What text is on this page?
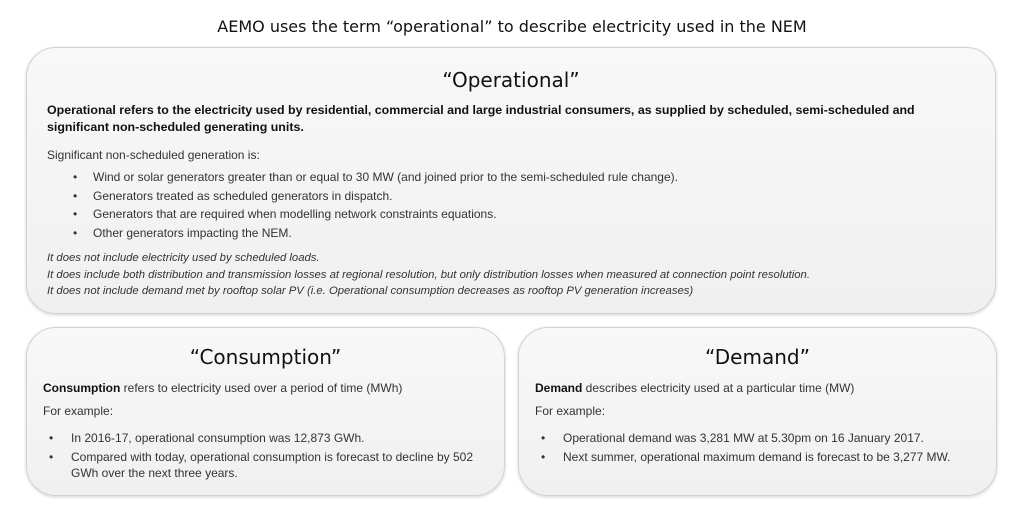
AEMO uses the term “operational” to describe electricity used in the NEM
“Operational”
Operational refers to the electricity used by residential, commercial and large industrial consumers, as supplied by scheduled, semi-scheduled and significant non-scheduled generating units.
Significant non-scheduled generation is:
• Wind or solar generators greater than or equal to 30 MW (and joined prior to the semi-scheduled rule change).
• Generators treated as scheduled generators in dispatch.
• Generators that are required when modelling network constraints equations.
• Other generators impacting the NEM.
It does not include electricity used by scheduled loads.
It does include both distribution and transmission losses at regional resolution, but only distribution losses when measured at connection point resolution.
It does not include demand met by rooftop solar PV (i.e. Operational consumption decreases as rooftop PV generation increases)
“Consumption”
Consumption refers to electricity used over a period of time (MWh)
For example:
• In 2016-17, operational consumption was 12,873 GWh.
• Compared with today, operational consumption is forecast to decline by 502 GWh over the next three years.
“Demand”
Demand describes electricity used at a particular time (MW)
For example:
• Operational demand was 3,281 MW at 5.30pm on 16 January 2017.
• Next summer, operational maximum demand is forecast to be 3,277 MW.
